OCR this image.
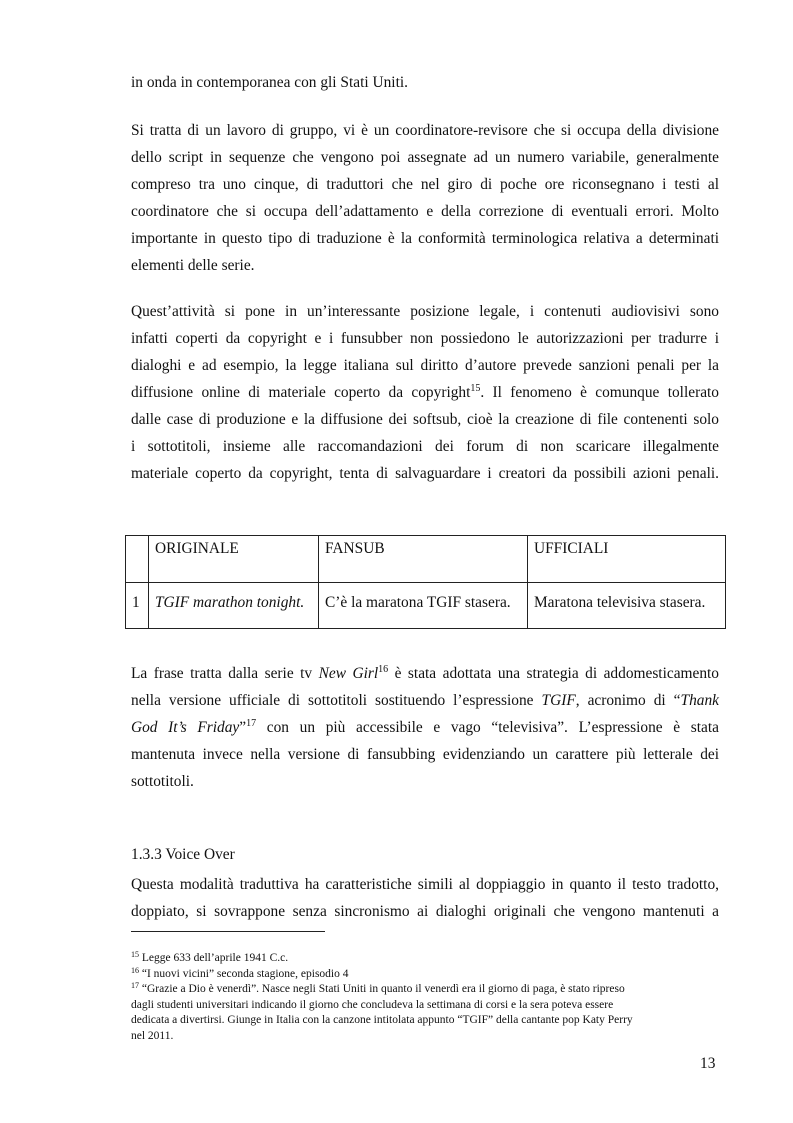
in onda in contemporanea con gli Stati Uniti.
Si tratta di un lavoro di gruppo, vi è un coordinatore-revisore che si occupa della divisione
dello script in sequenze che vengono poi assegnate ad un numero variabile, generalmente
compreso tra uno cinque, di traduttori che nel giro di poche ore riconsegnano i testi al
coordinatore che si occupa dell’adattamento e della correzione di eventuali errori. Molto
importante in questo tipo di traduzione è la conformità terminologica relativa a determinati
elementi delle serie.
Quest’attività si pone in un’interessante posizione legale, i contenuti audiovisivi sono
infatti coperti da copyright e i funsubber non possiedono le autorizzazioni per tradurre i
dialoghi e ad esempio, la legge italiana sul diritto d’autore prevede sanzioni penali per la
diffusione online di materiale coperto da copyright$^{15}$. Il fenomeno è comunque tollerato
dalle case di produzione e la diffusione dei softsub, cioè la creazione di file contenenti solo
i sottotitoli, insieme alle raccomandazioni dei forum di non scaricare illegalmente
materiale coperto da copyright, tenta di salvaguardare i creatori da possibili azioni penali.
	ORIGINALE	FANSUB	UFFICIALI
1	TGIF marathon tonight.	C’è la maratona TGIF stasera.	Maratona televisiva stasera.
La frase tratta dalla serie tv New Girl$^{16}$ è stata adottata una strategia di addomesticamento
nella versione ufficiale di sottotitoli sostituendo l’espressione TGIF, acronimo di “Thank
God It’s Friday”$^{17}$ con un più accessibile e vago “televisiva”. L’espressione è stata
mantenuta invece nella versione di fansubbing evidenziando un carattere più letterale dei
sottotitoli.
1.3.3 Voice Over
Questa modalità traduttiva ha caratteristiche simili al doppiaggio in quanto il testo tradotto,
doppiato, si sovrappone senza sincronismo ai dialoghi originali che vengono mantenuti a
$^{15}$ Legge 633 dell’aprile 1941 C.c.
$^{16}$ “I nuovi vicini” seconda stagione, episodio 4
$^{17}$ “Grazie a Dio è venerdì”. Nasce negli Stati Uniti in quanto il venerdì era il giorno di paga, è stato ripreso
dagli studenti universitari indicando il giorno che concludeva la settimana di corsi e la sera poteva essere
dedicata a divertirsi. Giunge in Italia con la canzone intitolata appunto “TGIF” della cantante pop Katy Perry
nel 2011.
13
